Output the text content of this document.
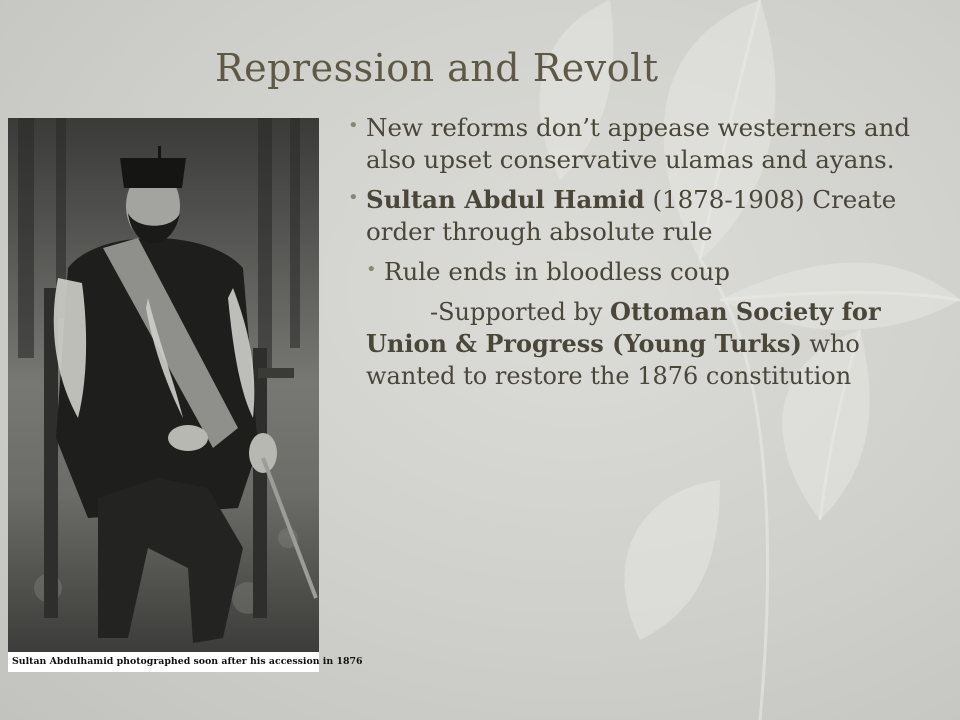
Repression and Revolt
Sultan Abdulhamid photographed soon after his accession in 1876
• New reforms don’t appease westerners and also upset conservative ulamas and ayans.
• Sultan Abdul Hamid (1878-1908) Create order through absolute rule
• Rule ends in bloodless coup
-Supported by Ottoman Society for Union & Progress (Young Turks) who wanted to restore the 1876 constitution
